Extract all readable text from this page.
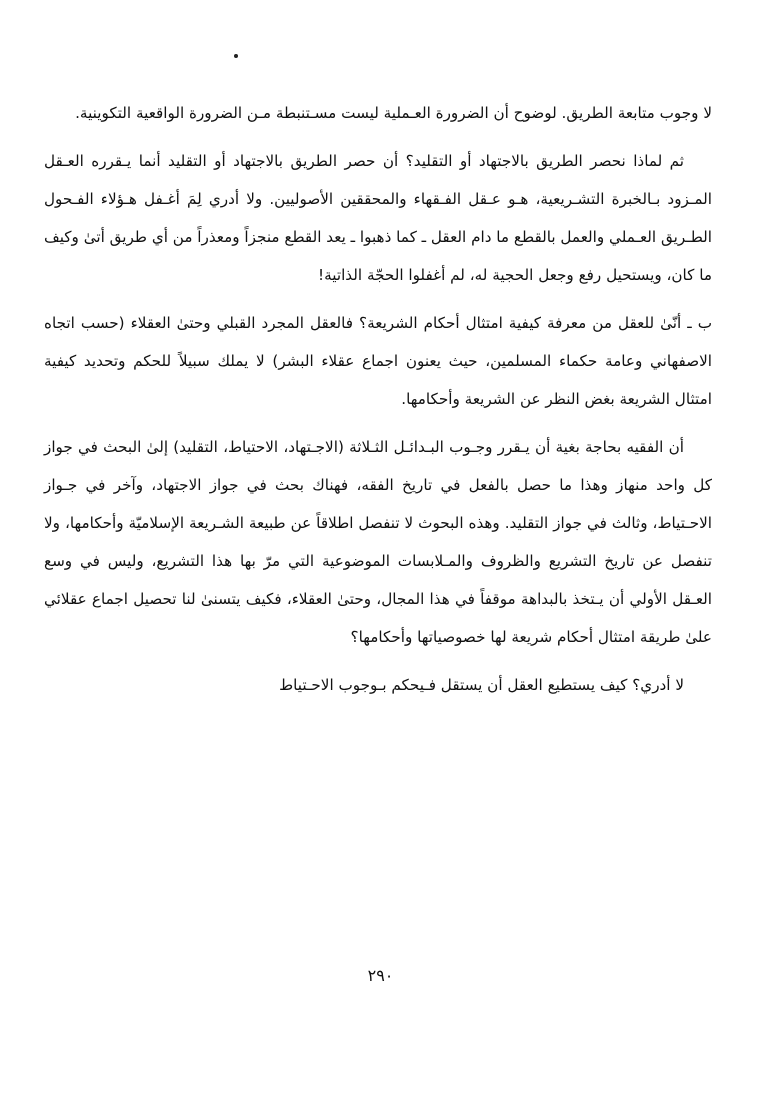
لا وجوب متابعة الطريق. لوضوح أن الضرورة العـملية ليست مسـتنبطة مـن الضرورة الواقعية التكوينية.

ثم لماذا نحصر الطريق بالاجتهاد أو التقليد؟ أن حصر الطريق بالاجتهاد أو التقليد أنما يـقرره العـقل المـزود بـالخبرة التشـريعية، هـو عـقل الفـقهاء والمحققين الأصوليين. ولا أدري لِمَ أغـفل هـؤلاء الفـحول الطـريق العـملي والعمل بالقطع ما دام العقل ـ كما ذهبوا ـ يعد القطع منجزاً ومعذراً من أي طريق أتىٰ وكيف ما كان، ويستحيل رفع وجعل الحجية له، لم أغفلوا الحجّة الذاتية!

ب ـ أنّىٰ للعقل من معرفة كيفية امتثال أحكام الشريعة؟ فالعقل المجرد القبلي وحتىٰ العقلاء (حسب اتجاه الاصفهاني وعامة حكماء المسلمين، حيث يعنون اجماع عقلاء البشر) لا يملك سبيلاً للحكم وتحديد كيفية امتثال الشريعة بغض النظر عن الشريعة وأحكامها.

أن الفقيه بحاجة بغية أن يـقرر وجـوب البـدائـل الثـلاثة (الاجـتهاد، الاحتياط، التقليد) إلىٰ البحث في جواز كل واحد منهاز وهذا ما حصل بالفعل في تاريخ الفقه، فهناك بحث في جواز الاجتهاد، وآخر في جـواز الاحـتياط، وثالث في جواز التقليد. وهذه البحوث لا تنفصل اطلاقاً عن طبيعة الشـريعة الإسلاميّة وأحكامها، ولا تنفصل عن تاريخ التشريع والظروف والمـلابسات الموضوعية التي مرّ بها هذا التشريع، وليس في وسع العـقل الأولي أن يـتخذ بالبداهة موقفاً في هذا المجال، وحتىٰ العقلاء، فكيف يتسنىٰ لنا تحصيل اجماع عقلائي علىٰ طريقة امتثال أحكام شريعة لها خصوصياتها وأحكامها؟

لا أدري؟ كيف يستطيع العقل أن يستقل فـيحكم بـوجوب الاحـتياط

٢٩٠
